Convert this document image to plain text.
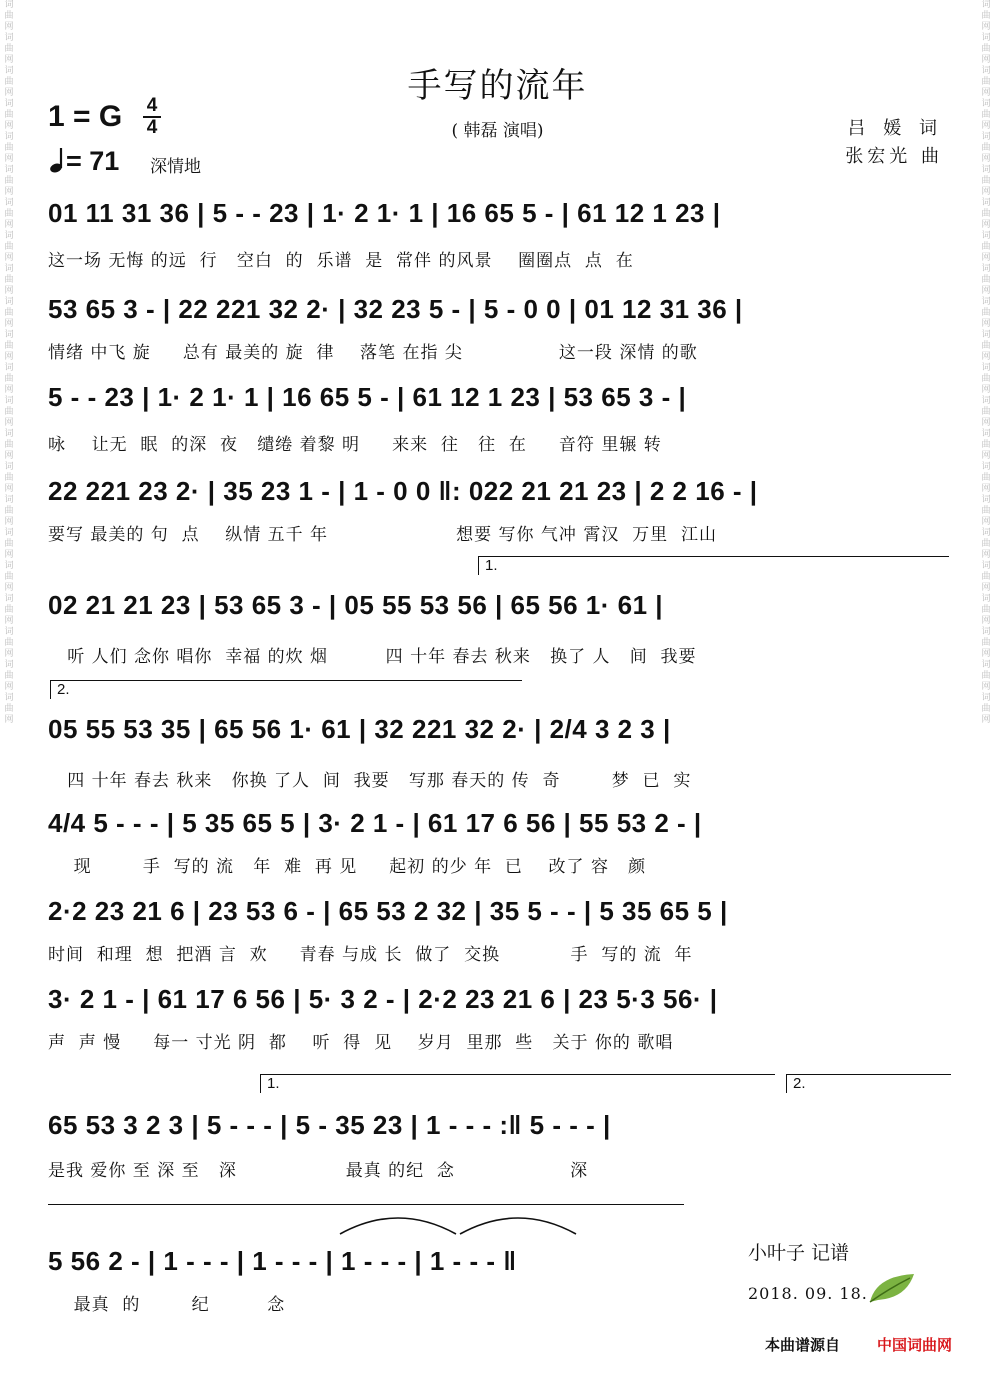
词曲网词曲网词曲网词曲网词曲网词曲网词曲网词曲网词曲网词曲网词曲网词曲网词曲网词曲网词曲网词曲网词曲网词曲网词曲网词曲网词曲网词曲网
词曲网词曲网词曲网词曲网词曲网词曲网词曲网词曲网词曲网词曲网词曲网词曲网词曲网词曲网词曲网词曲网词曲网词曲网词曲网词曲网词曲网词曲网
手写的流年
1 = G	4
4
= 71 深情地
( 韩磊 演唱)	吕 媛 词
张宏光 曲
01 11 31 36 | 5 - - 23 | 1· 2 1· 1 | 16 65 5 - | 61 12 1 23 |
这一场 无悔 的远  行   空白  的  乐谱  是  常伴 的风景    圈圈点  点  在
53 65 3 - | 22 221 32 2· | 32 23 5 - | 5 - 0 0 | 01 12 31 36 |
情绪 中飞 旋     总有 最美的 旋  律    落笔 在指 尖               这一段 深情 的歌
5 - - 23 | 1· 2 1· 1 | 16 65 5 - | 61 12 1 23 | 53 65 3 - |
咏    让无  眠  的深  夜   缱绻 着黎 明     来来  往   往  在     音符 里辗 转
22 221 23 2· | 35 23 1 - | 1 - 0 0 ‖: 022 21 21 23 | 2 2 16 - |
要写 最美的 句  点    纵情 五千 年                    想要 写你 气冲 霄汉  万里  江山
1.
02 21 21 23 | 53 65 3 - | 05 55 53 56 | 65 56 1· 61 |
听 人们 念你 唱你  幸福 的炊 烟         四 十年 春去 秋来   换了 人   间  我要
2.
05 55 53 35 | 65 56 1· 61 | 32 221 32 2· | 2/4 3 2 3 |
四 十年 春去 秋来   你换 了人  间  我要   写那 春天的 传  奇        梦  已  实
4/4 5 - - - | 5 35 65 5 | 3· 2 1 - | 61 17 6 56 | 55 53 2 - |
现        手  写的 流   年  难  再 见     起初 的少 年  已    改了 容   颜
2·2 23 21 6 | 23 53 6 - | 65 53 2 32 | 35 5 - - | 5 35 65 5 |
时间  和理  想  把酒 言  欢     青春 与成 长  做了  交换           手  写的 流  年
3· 2 1 - | 61 17 6 56 | 5· 3 2 - | 2·2 23 21 6 | 23 5·3 56· |
声  声 慢     每一 寸光 阴  都    听  得  见    岁月  里那  些   关于 你的 歌唱
1.	2.
65 53 3 2 3 | 5 - - - | 5 - 35 23 | 1 - - - :‖ 5 - - - |
是我 爱你 至 深 至   深                 最真 的纪  念                  深
5 56 2 - | 1 - - - | 1 - - - | 1 - - - | 1 - - - ‖
最真  的        纪         念
小叶子 记谱
2018. 09. 18.
本曲谱源自 中国词曲网
